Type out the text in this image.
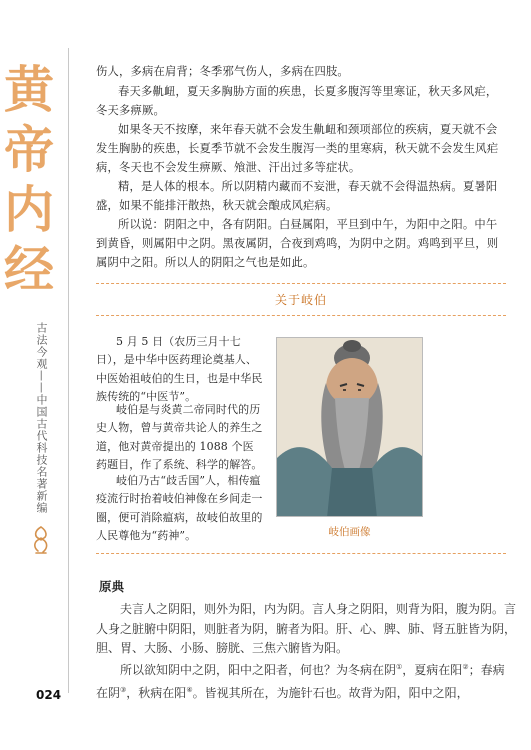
黄
帝
内
经
古法今观——中国古代科技名著新编

伤人，多病在肩背；冬季邪气伤人，多病在四肢。

春天多鼽衄，夏天多胸胁方面的疾患，长夏多腹泻等里寒证，秋天多风疟，冬天多痹厥。

如果冬天不按摩，来年春天就不会发生鼽衄和颈项部位的疾病，夏天就不会发生胸胁的疾患，长夏季节就不会发生腹泻一类的里寒病，秋天就不会发生风疟病，冬天也不会发生痹厥、飧泄、汗出过多等症状。

精，是人体的根本。所以阴精内藏而不妄泄，春天就不会得温热病。夏暑阳盛，如果不能排汗散热，秋天就会酿成风疟病。

所以说：阴阳之中，各有阴阳。白昼属阳，平旦到中午，为阳中之阳。中午到黄昏，则属阳中之阴。黑夜属阴，合夜到鸡鸣，为阴中之阴。鸡鸣到平旦，则属阴中之阳。所以人的阴阳之气也是如此。

关于岐伯

5 月 5 日（农历三月十七日），是中华中医药理论奠基人、中医始祖岐伯的生日，也是中华民族传统的“中医节”。

岐伯是与炎黄二帝同时代的历史人物，曾与黄帝共论人的养生之道，他对黄帝提出的 1088 个医药题目，作了系统、科学的解答。

岐伯乃古“歧舌国”人，相传瘟疫流行时抬着岐伯神像在乡间走一圈，便可消除瘟病，故岐伯故里的人民尊他为“药神”。	岐伯画像
原典

夫言人之阴阳，则外为阳，内为阴。言人身之阴阳，则背为阳，腹为阴。言人身之脏腑中阴阳，则脏者为阴，腑者为阳。肝、心、脾、肺、肾五脏皆为阴，胆、胃、大肠、小肠、膀胱、三焦六腑皆为阳。

所以欲知阴中之阴，阳中之阳者，何也？为冬病在阴①，夏病在阳②；春病在阴③，秋病在阳④。皆视其所在，为施针石也。故背为阳，阳中之阳，

024
